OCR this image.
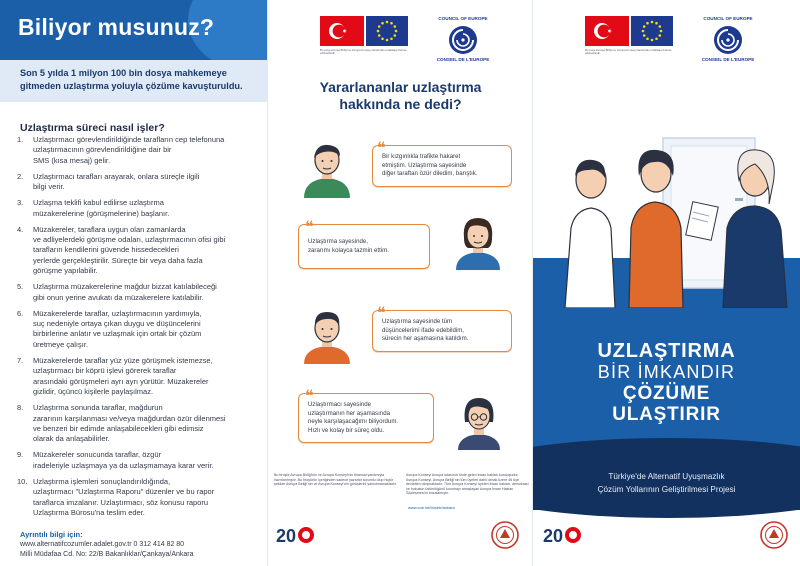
Biliyor musunuz?
Son 5 yılda 1 milyon 100 bin dosya mahkemeye
gitmeden uzlaştırma yoluyla çözüme kavuşturuldu.
Uzlaştırma süreci nasıl işler?
1. Uzlaştırmacı görevlendirildiğinde tarafların cep telefonuna
uzlaştırmacının görevlendirildiğine dair bir
SMS (kısa mesaj) gelir.
2. Uzlaştırmacı tarafları arayarak, onlara süreçle ilgili
bilgi verir.
3. Uzlaşma teklifi kabul edilirse uzlaştırma
müzakerelerine (görüşmelerine) başlanır.
4. Müzakereler, taraflara uygun olan zamanlarda
ve adliyelerdeki görüşme odaları, uzlaştırmacının ofisi gibi
tarafların kendilerini güvende hissedecekleri
yerlerde gerçekleştirilir. Süreçte bir veya daha fazla
görüşme yapılabilir.
5. Uzlaştırma müzakerelerine mağdur bizzat katılabileceği
gibi onun yerine avukatı da müzakerelere katılabilir.
6. Müzakerelerde taraflar, uzlaştırmacının yardımıyla,
suç nedeniyle ortaya çıkan duygu ve düşüncelerini
birbirlerine anlatır ve uzlaşmak için ortak bir çözüm
üretmeye çalışır.
7. Müzakerelerde taraflar yüz yüze görüşmek istemezse,
uzlaştırmacı bir köprü işlevi görerek taraflar
arasındaki görüşmeleri ayrı ayrı yürütür. Müzakereler
gizlidir, üçüncü kişilerle paylaşılmaz.
8. Uzlaştırma sonunda taraflar, mağdurun
zararının karşılanması ve/veya mağdurdan özür dilenmesi
ve benzeri bir edimde anlaşabilecekleri gibi edimsiz
olarak da anlaşabilirler.
9. Müzakereler sonucunda taraflar, özgür
iradeleriyle uzlaşmaya ya da uzlaşmamaya karar verir.
10. Uzlaştırma işlemleri sonuçlandırıldığında,
uzlaştırmacı "Uzlaştırma Raporu" düzenler ve bu rapor
taraflarca imzalanır. Uzlaştırmacı, söz konusu raporu
Uzlaştırma Bürosu'na teslim eder.
Ayrıntılı bilgi için:
www.alternatifcozumler.adalet.gov.tr 0 312 414 82 80
Milli Müdafaa Cd. No: 22/B Bakanlıklar/Çankaya/Ankara
Bu proje Avrupa Birliği ve Avrupa Konseyi tarafından ortaklaşa finanse edilmektedir
COUNCIL OF EUROPE
CONSEIL DE L'EUROPE
Yararlananlar uzlaştırma
hakkında ne dedi?
❝
Bir kızgınlıkla trafikte hakaret
etmiştim. Uzlaştırma sayesinde
diğer taraftan özür diledim, barıştık.
❝
Uzlaştırma sayesinde,
zararımı kolayca tazmin ettim.
❝
Uzlaştırma sayesinde tüm
düşüncelerimi ifade edebildim,
sürecin her aşamasına katıldım.
❝
Uzlaştırmacı sayesinde
uzlaştırmanın her aşamasında
neyle karşılaşacağımı biliyordum.
Hızlı ve kolay bir süreç oldu.
Bu broşür Avrupa Birliği'nin ve Avrupa Konseyi'nin finansal yardımıyla hazırlanmıştır. Bu broşürün içeriğinden sadece yazarlar sorumlu olup hiçbir şekilde Avrupa Birliği'nin ve Avrupa Konseyi'nin görüşlerini yansıtmamaktadır.
Avrupa Konseyi Avrupa kıtasının önde gelen insan hakları kuruluşudur. Avrupa Konseyi, Avrupa Birliği'nin tüm üyeleri dahil olmak üzere 46 üye devletten oluşmaktadır. Tüm Avrupa Konseyi üyeleri insan hakları, demokrasi ve hukukun üstünlüğünü korumayı amaçlayan Avrupa İnsan Hakları Sözleşmesi'ni imzalamıştır.
www.coe.int/tr/web/ankara
20
Bu proje Avrupa Birliği ve Avrupa Konseyi tarafından ortaklaşa finanse edilmektedir
COUNCIL OF EUROPE
CONSEIL DE L'EUROPE
UZLAŞTIRMA
BİR İMKANDIR
ÇÖZÜME
ULAŞTIRIR
Türkiye'de Alternatif Uyuşmazlık
Çözüm Yollarının Geliştirilmesi Projesi
20
